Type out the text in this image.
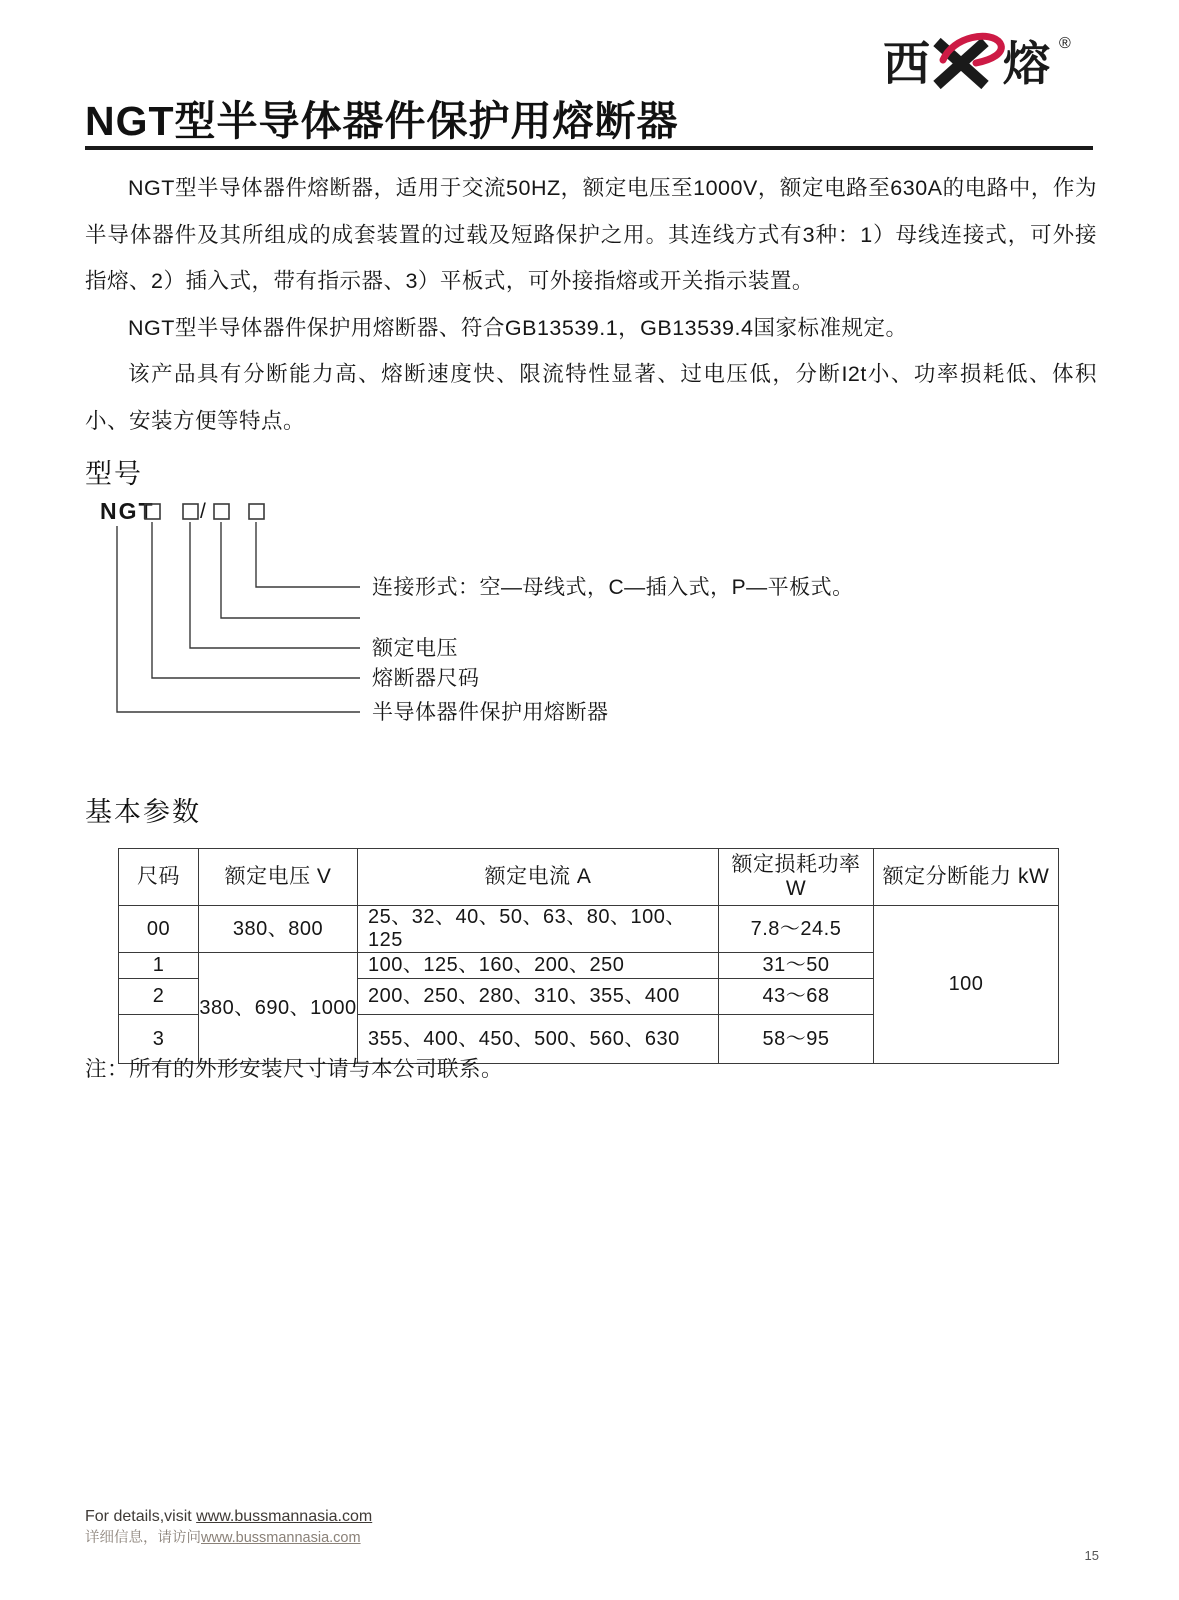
西 熔 ®
NGT型半导体器件保护用熔断器

NGT型半导体器件熔断器，适用于交流50HZ，额定电压至1000V，额定电路至630A的电路中，作为半导体器件及其所组成的成套装置的过载及短路保护之用。其连线方式有3种：1）母线连接式，可外接指熔、2）插入式，带有指示器、3）平板式，可外接指熔或开关指示装置。

NGT型半导体器件保护用熔断器、符合GB13539.1，GB13539.4国家标准规定。

该产品具有分断能力高、熔断速度快、限流特性显著、过电压低，分断I2t小、功率损耗低、体积小、安装方便等特点。

型号
NGT /
连接形式：空—母线式，C—插入式，P—平板式。
额定电压
熔断器尺码
半导体器件保护用熔断器
基本参数
尺码	额定电压 V	额定电流 A	额定损耗功率 W	额定分断能力 kW
00	380、800	25、32、40、50、63、80、100、125	7.8～24.5	100
1	380、690、1000	100、125、160、200、250	31～50	
2		200、250、280、310、355、400	43～68	
3		355、400、450、500、560、630	58～95	
注：所有的外形安装尺寸请与本公司联系。
For details,visit www.bussmannasia.com
详细信息，请访问www.bussmannasia.com
15
